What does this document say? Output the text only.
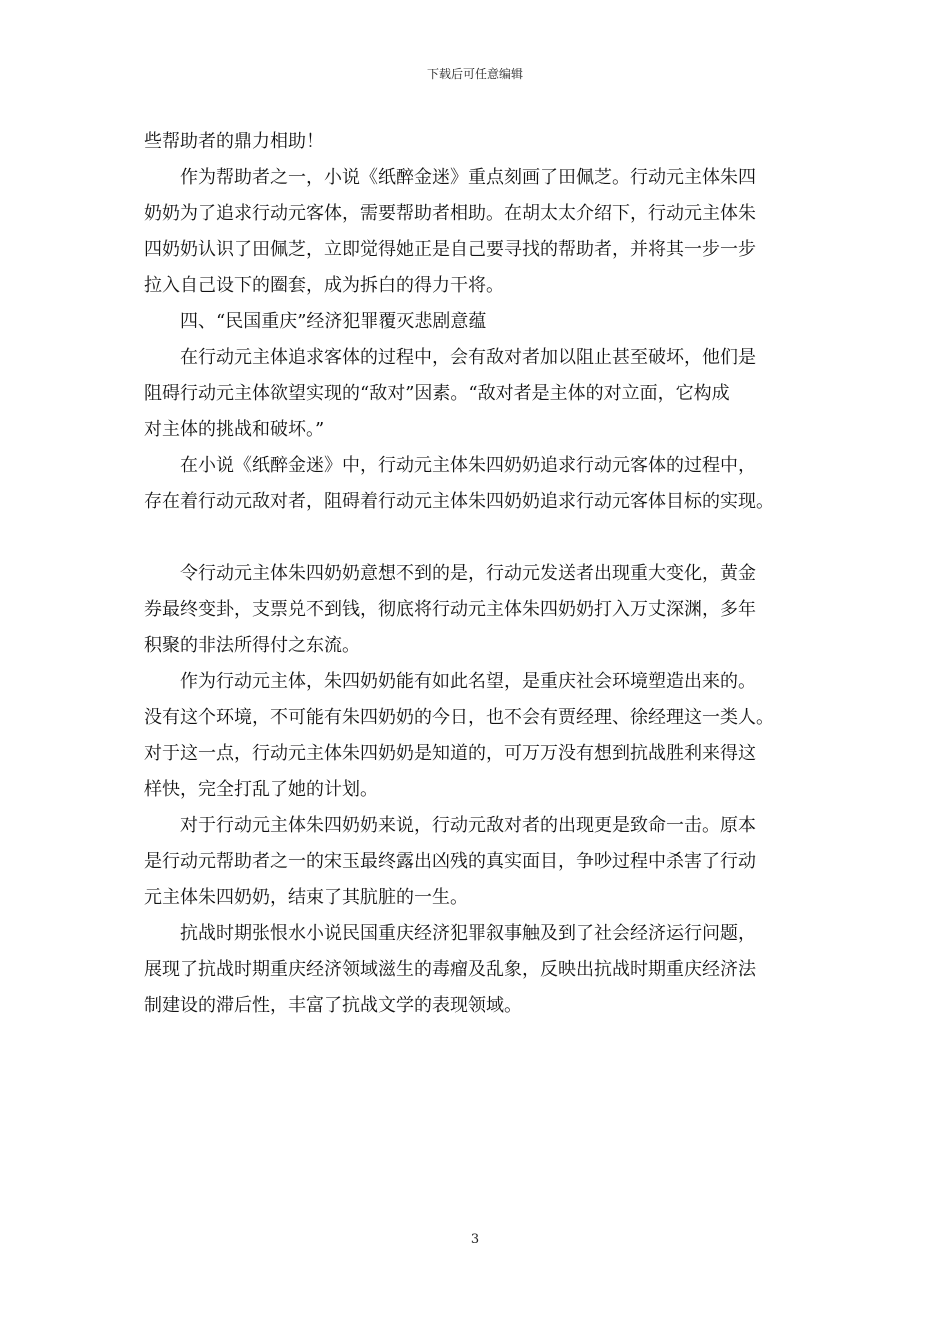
下载后可任意编辑
些帮助者的鼎力相助！
作为帮助者之一，小说《纸醉金迷》重点刻画了田佩芝。行动元主体朱四
奶奶为了追求行动元客体，需要帮助者相助。在胡太太介绍下，行动元主体朱
四奶奶认识了田佩芝，立即觉得她正是自己要寻找的帮助者，并将其一步一步
拉入自己设下的圈套，成为拆白的得力干将。
四、“民国重庆”经济犯罪覆灭悲剧意蕴
在行动元主体追求客体的过程中，会有敌对者加以阻止甚至破坏，他们是
阻碍行动元主体欲望实现的“敌对”因素。“敌对者是主体的对立面，它构成
对主体的挑战和破坏。”
在小说《纸醉金迷》中，行动元主体朱四奶奶追求行动元客体的过程中，
存在着行动元敌对者，阻碍着行动元主体朱四奶奶追求行动元客体目标的实现。
令行动元主体朱四奶奶意想不到的是，行动元发送者出现重大变化，黄金
券最终变卦，支票兑不到钱，彻底将行动元主体朱四奶奶打入万丈深渊，多年
积聚的非法所得付之东流。
作为行动元主体，朱四奶奶能有如此名望，是重庆社会环境塑造出来的。
没有这个环境，不可能有朱四奶奶的今日，也不会有贾经理、徐经理这一类人。
对于这一点，行动元主体朱四奶奶是知道的，可万万没有想到抗战胜利来得这
样快，完全打乱了她的计划。
对于行动元主体朱四奶奶来说，行动元敌对者的出现更是致命一击。原本
是行动元帮助者之一的宋玉最终露出凶残的真实面目，争吵过程中杀害了行动
元主体朱四奶奶，结束了其肮脏的一生。
抗战时期张恨水小说民国重庆经济犯罪叙事触及到了社会经济运行问题，
展现了抗战时期重庆经济领域滋生的毒瘤及乱象，反映出抗战时期重庆经济法
制建设的滞后性，丰富了抗战文学的表现领域。
3
